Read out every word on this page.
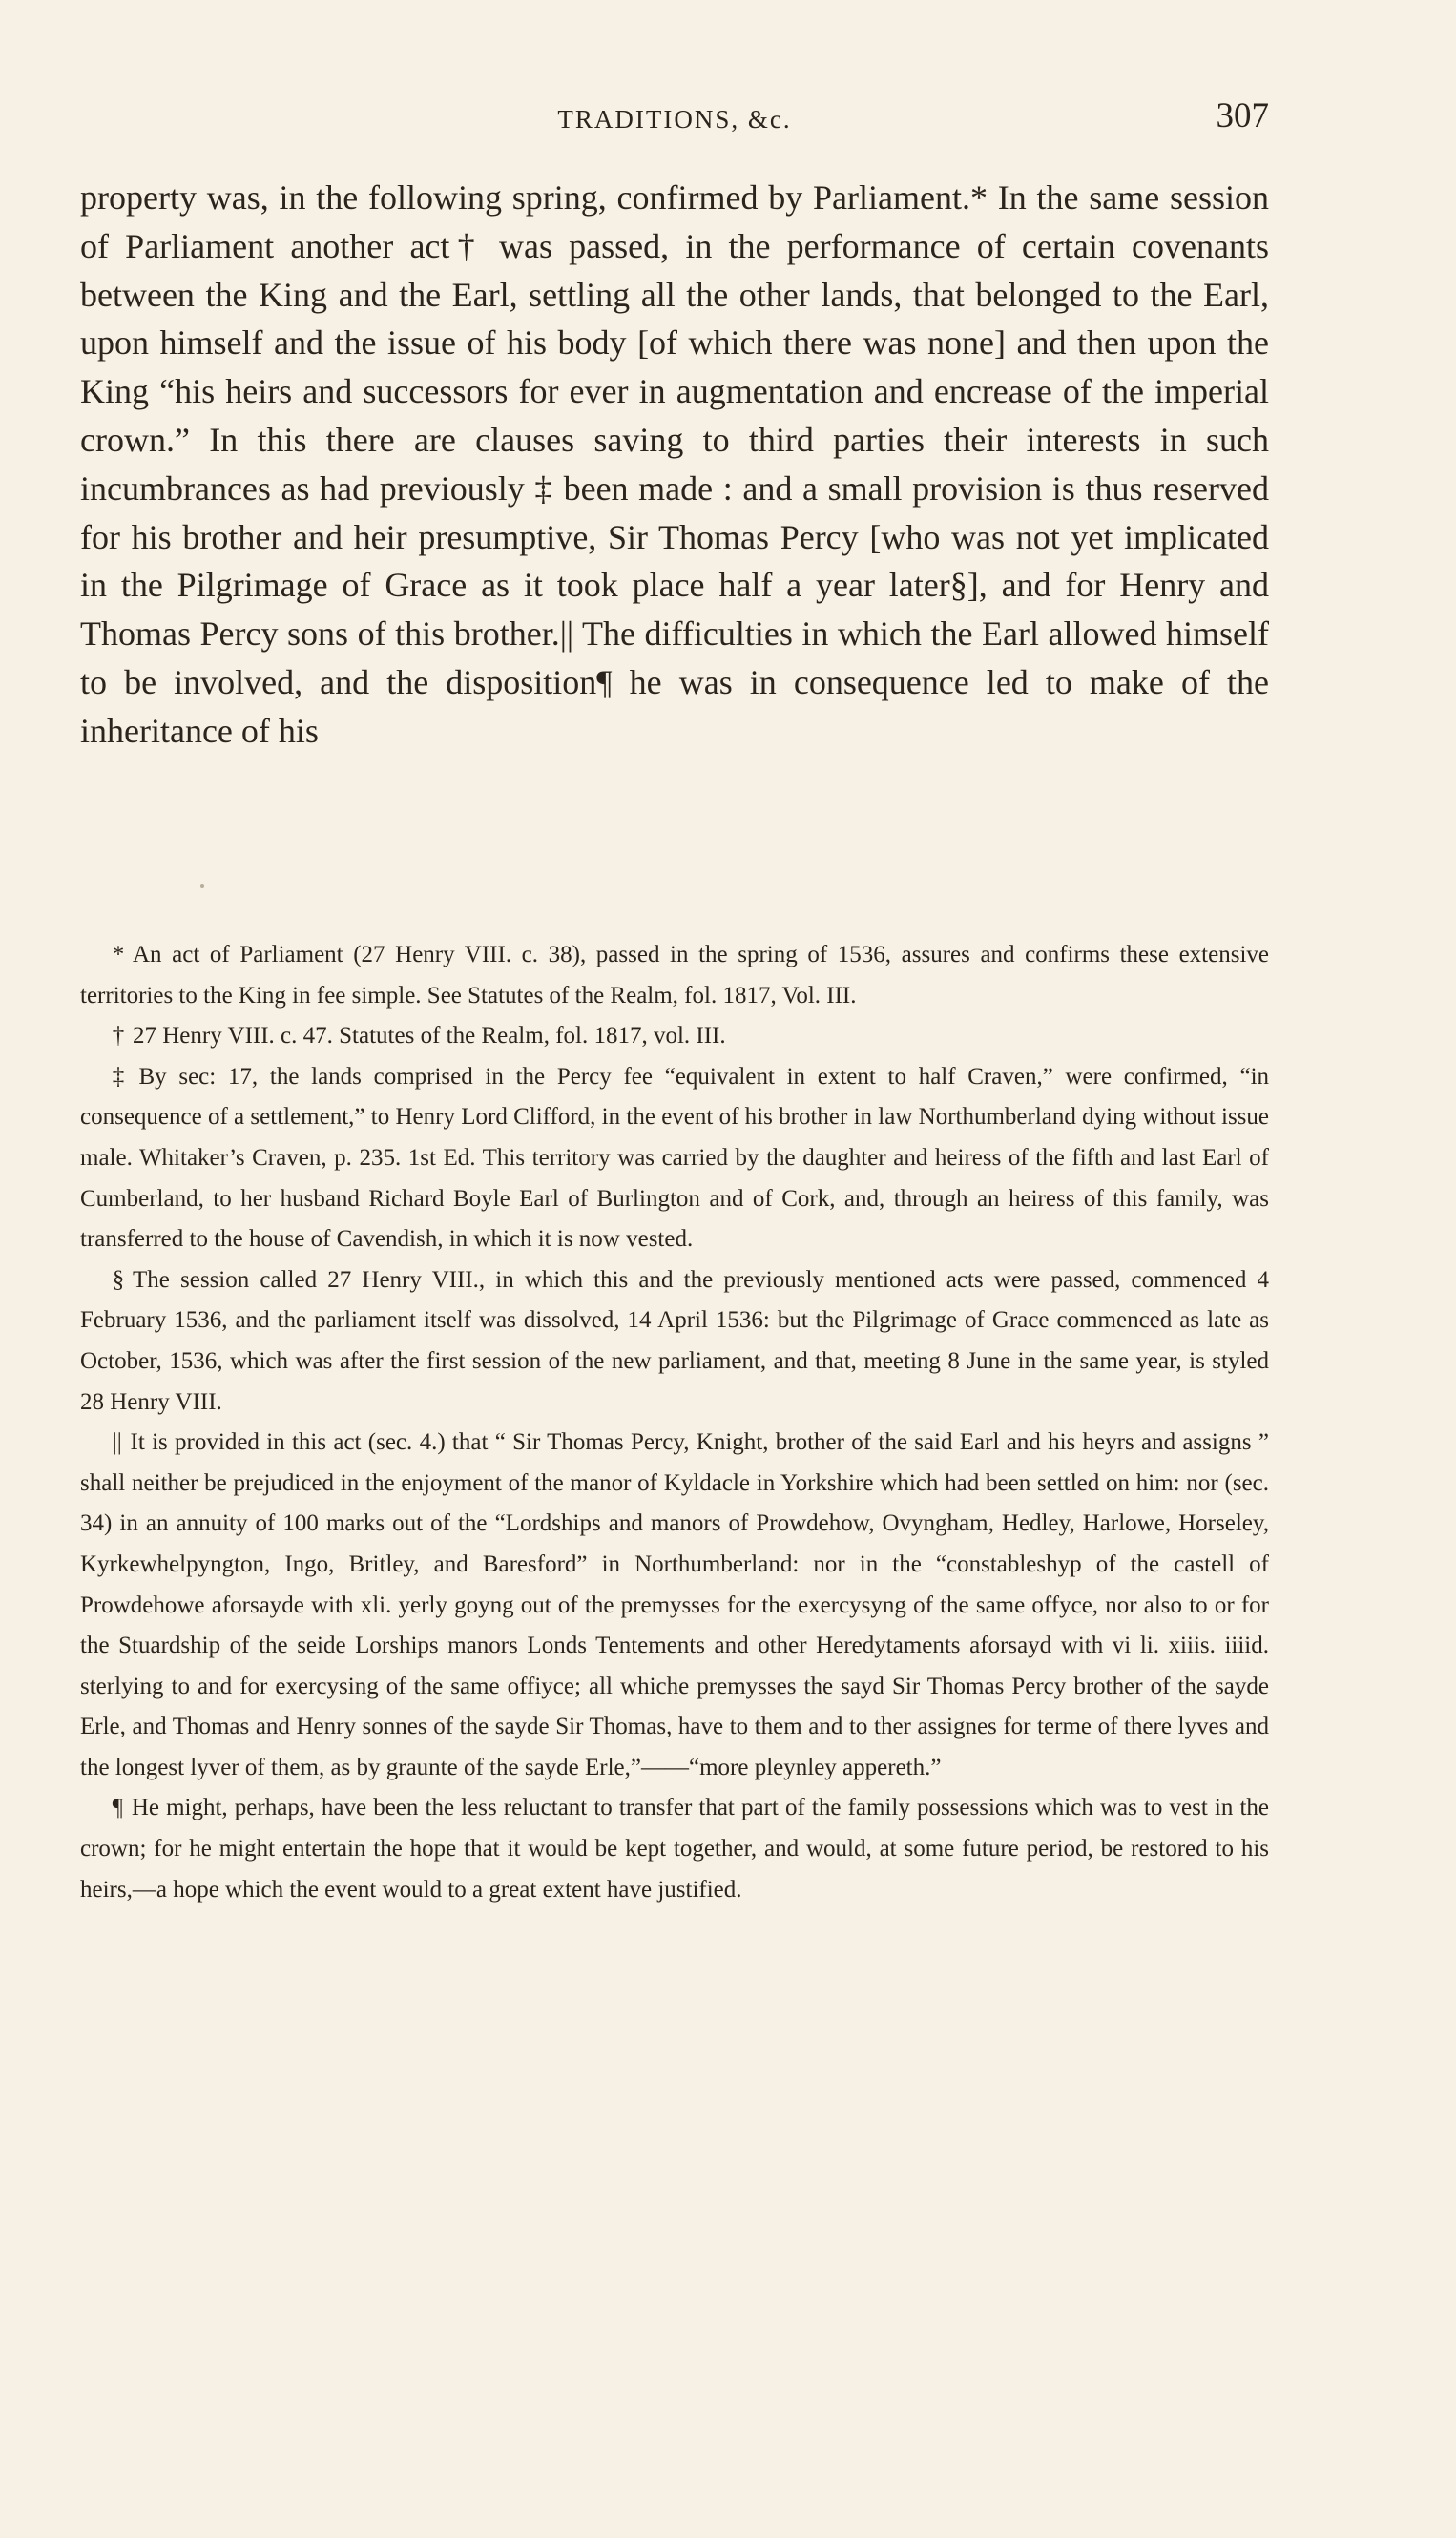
TRADITIONS, &c.	307

property was, in the following spring, confirmed by Parliament.* In the same session of Parliament another act† was passed, in the performance of certain covenants between the King and the Earl, settling all the other lands, that belonged to the Earl, upon himself and the issue of his body [of which there was none] and then upon the King “his heirs and successors for ever in augmentation and encrease of the imperial crown.” In this there are clauses saving to third parties their interests in such incumbrances as had previously ‡ been made : and a small provision is thus reserved for his brother and heir presumptive, Sir Thomas Percy [who was not yet implicated in the Pilgrimage of Grace as it took place half a year later§], and for Henry and Thomas Percy sons of this brother.|| The difficulties in which the Earl allowed himself to be involved, and the disposition¶ he was in consequence led to make of the inheritance of his

* An act of Parliament (27 Henry VIII. c. 38), passed in the spring of 1536, assures and confirms these extensive territories to the King in fee simple. See Statutes of the Realm, fol. 1817, Vol. III.

† 27 Henry VIII. c. 47. Statutes of the Realm, fol. 1817, vol. III.

‡ By sec: 17, the lands comprised in the Percy fee “equivalent in extent to half Craven,” were confirmed, “in consequence of a settlement,” to Henry Lord Clifford, in the event of his brother in law Northumberland dying without issue male. Whitaker’s Craven, p. 235. 1st Ed. This territory was carried by the daughter and heiress of the fifth and last Earl of Cumberland, to her husband Richard Boyle Earl of Burlington and of Cork, and, through an heiress of this family, was transferred to the house of Cavendish, in which it is now vested.

§ The session called 27 Henry VIII., in which this and the previously mentioned acts were passed, commenced 4 February 1536, and the parliament itself was dissolved, 14 April 1536: but the Pilgrimage of Grace commenced as late as October, 1536, which was after the first session of the new parliament, and that, meeting 8 June in the same year, is styled 28 Henry VIII.

|| It is provided in this act (sec. 4.) that “ Sir Thomas Percy, Knight, brother of the said Earl and his heyrs and assigns ” shall neither be prejudiced in the enjoyment of the manor of Kyldacle in Yorkshire which had been settled on him: nor (sec. 34) in an annuity of 100 marks out of the “Lordships and manors of Prowdehow, Ovyngham, Hedley, Harlowe, Horseley, Kyrkewhelpyngton, Ingo, Britley, and Baresford” in Northumberland: nor in the “constableshyp of the castell of Prowdehowe aforsayde with xli. yerly goyng out of the premysses for the exercysyng of the same offyce, nor also to or for the Stuardship of the seide Lorships manors Londs Tentements and other Heredytaments aforsayd with vi li. xiiis. iiiid. sterlying to and for exercysing of the same offiyce; all whiche premysses the sayd Sir Thomas Percy brother of the sayde Erle, and Thomas and Henry sonnes of the sayde Sir Thomas, have to them and to ther assignes for terme of there lyves and the longest lyver of them, as by graunte of the sayde Erle,”——“more pleynley appereth.”

¶ He might, perhaps, have been the less reluctant to transfer that part of the family possessions which was to vest in the crown; for he might entertain the hope that it would be kept together, and would, at some future period, be restored to his heirs,—a hope which the event would to a great extent have justified.
